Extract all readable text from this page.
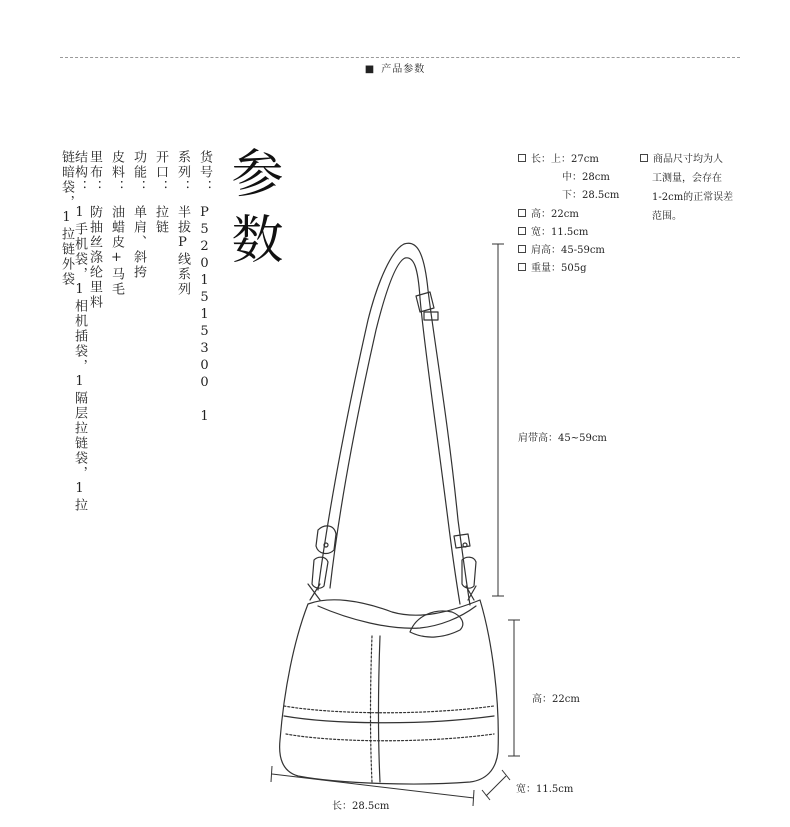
■ 产品参数
货号：P5201515300 1
系列：半拔P线系列
开口：拉链
功能：单肩、斜挎
皮料：油蜡皮+马毛
里布：防抽丝涤纶里料
结构：1手机袋，1相机插袋，1隔层拉链袋，1拉链暗袋，1拉链外袋	参数	长：上：27cm
中：28cm
下：28.5cm
高：22cm
宽：11.5cm
肩高：45-59cm
重量：505g
商品尺寸均为人
工测量，会存在
1-2cm的正常误差
范围。
肩带高：45~59cm
高：22cm
长：28.5cm
宽：11.5cm
